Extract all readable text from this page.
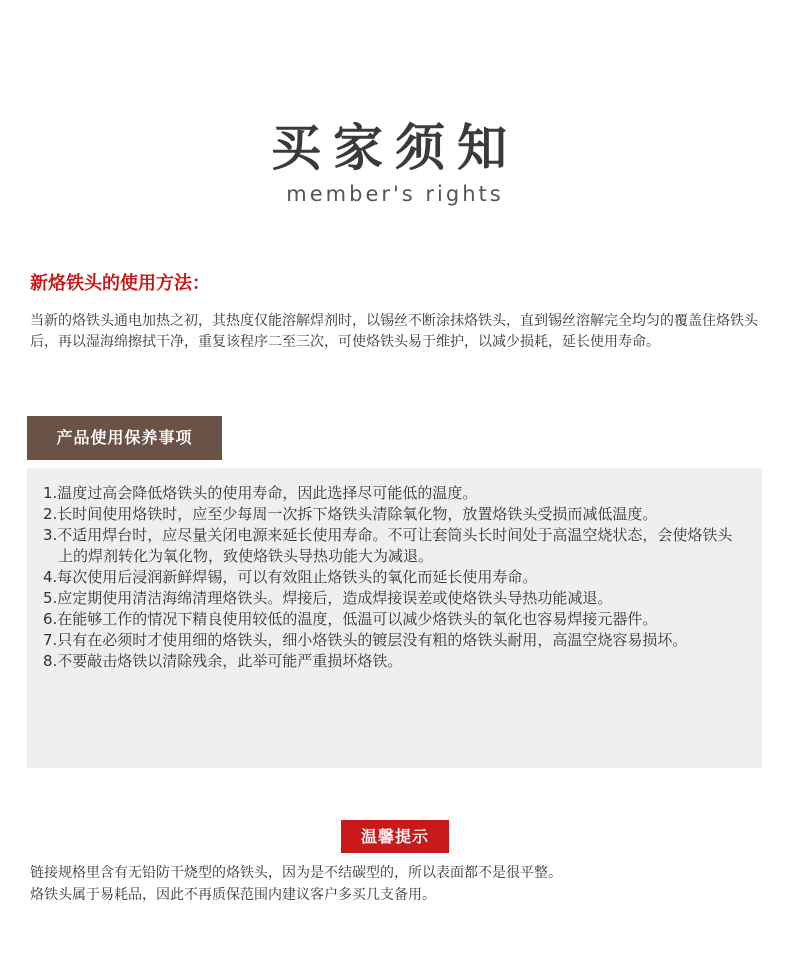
买家须知
member's rights
新烙铁头的使用方法：
当新的烙铁头通电加热之初，其热度仅能溶解焊剂时，以锡丝不断涂抹烙铁头，直到锡丝溶解完全均匀的覆盖住烙铁头后，再以湿海绵擦拭干净，重复该程序二至三次，可使烙铁头易于维护，以减少损耗，延长使用寿命。
产品使用保养事项
1.温度过高会降低烙铁头的使用寿命，因此选择尽可能低的温度。
2.长时间使用烙铁时，应至少每周一次拆下烙铁头清除氧化物，放置烙铁头受损而减低温度。
3.不适用焊台时，应尽量关闭电源来延长使用寿命。不可让套筒头长时间处于高温空烧状态，会使烙铁头上的焊剂转化为氧化物，致使烙铁头导热功能大为减退。
4.每次使用后浸润新鲜焊锡，可以有效阻止烙铁头的氧化而延长使用寿命。
5.应定期使用清洁海绵清理烙铁头。焊接后，造成焊接误差或使烙铁头导热功能减退。
6.在能够工作的情况下精良使用较低的温度，低温可以减少烙铁头的氧化也容易焊接元器件。
7.只有在必须时才使用细的烙铁头，细小烙铁头的镀层没有粗的烙铁头耐用，高温空烧容易损坏。
8.不要敲击烙铁以清除残余，此举可能严重损坏烙铁。
温馨提示
链接规格里含有无铅防干烧型的烙铁头，因为是不结碳型的，所以表面都不是很平整。
烙铁头属于易耗品，因此不再质保范围内建议客户多买几支备用。
